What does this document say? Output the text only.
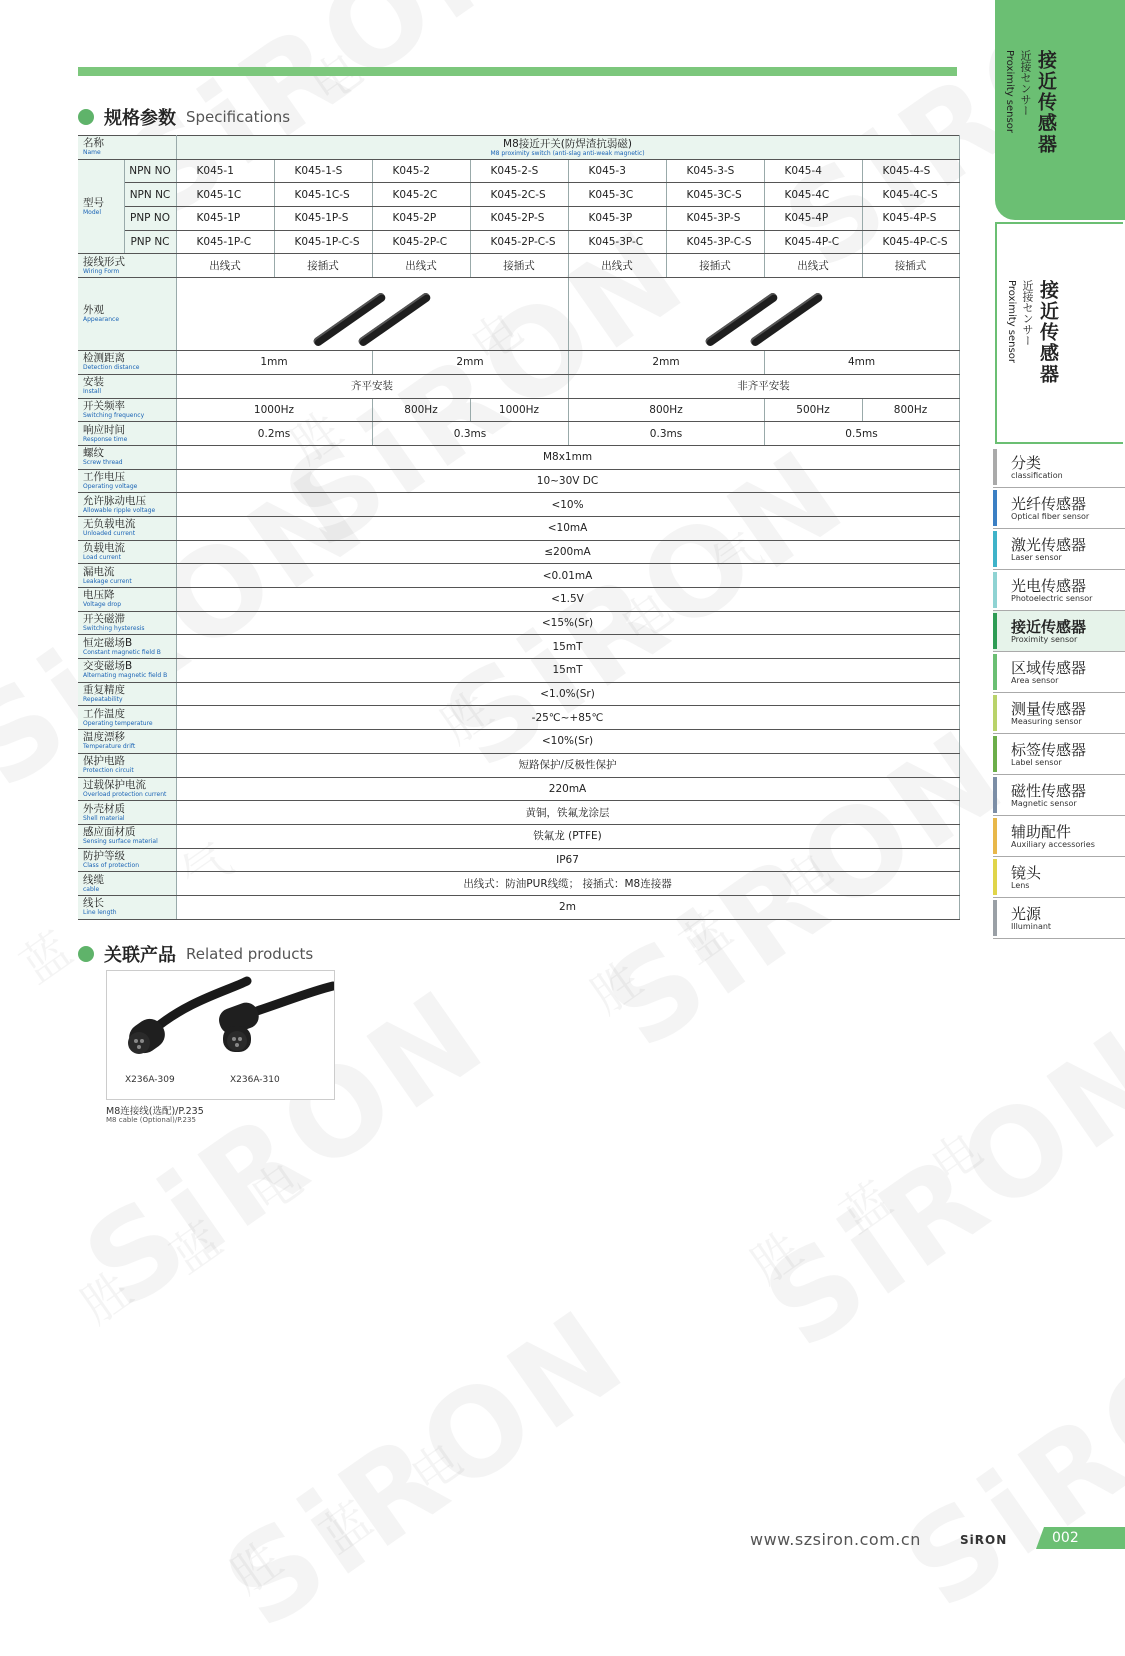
规格参数 Specifications
名称
Name		M8接近开关(防焊渣抗弱磁)
M8 proximity switch (anti-slag anti-weak magnetic)							

型号
Model	NPN NO	K045-1	K045-1-S	K045-2	K045-2-S	K045-3	K045-3-S	K045-4	K045-4-S
	NPN NC	K045-1C	K045-1C-S	K045-2C	K045-2C-S	K045-3C	K045-3C-S	K045-4C	K045-4C-S
	PNP NO	K045-1P	K045-1P-S	K045-2P	K045-2P-S	K045-3P	K045-3P-S	K045-4P	K045-4P-S
	PNP NC	K045-1P-C	K045-1P-C-S	K045-2P-C	K045-2P-C-S	K045-3P-C	K045-3P-C-S	K045-4P-C	K045-4P-C-S

接线形式
Wiring Form		出线式	接插式	出线式	接插式	出线式	接插式	出线式	接插式

外观
Appearance									

检测距离
Detection distance		1mm		2mm		2mm		4mm	

安装
Install		齐平安装				非齐平安装			

开关频率
Switching frequency		1000Hz		800Hz	1000Hz	800Hz		500Hz	800Hz

响应时间
Response time		0.2ms		0.3ms		0.3ms		0.5ms	

螺纹
Screw thread		M8x1mm							

工作电压
Operating voltage		10~30V DC							

允许脉动电压
Allowable ripple voltage		<10%							

无负载电流
Unloaded current		<10mA							

负载电流
Load current		≤200mA							

漏电流
Leakage current		<0.01mA							

电压降
Voltage drop		<1.5V							

开关磁滞
Switching hysteresis		<15%(Sr)							

恒定磁场B
Constant magnetic field B		15mT							

交变磁场B
Alternating magnetic field B		15mT							

重复精度
Repeatability		<1.0%(Sr)							

工作温度
Operating temperature		-25℃~+85℃							

温度漂移
Temperature drift		<10%(Sr)							

保护电路
Protection circuit		短路保护/反极性保护							

过载保护电流
Overload protection current		220mA							

外壳材质
Shell material		黄铜，铁氟龙涂层							

感应面材质
Sensing surface material		铁氟龙 (PTFE)							

防护等级
Class of protection		IP67							

线缆
cable		出线式：防油PUR线缆； 接插式：M8连接器							

线长
Line length		2m							
关联产品 Related products
X236A-309	X236A-310
M8连接线(选配)/P.235
M8 cable (Optional)/P.235
接近传感器
近接センサー
Proximity sensor
接近传感器
近接センサー
Proximity sensor
分类
classification
光纤传感器
Optical fiber sensor
激光传感器
Laser sensor
光电传感器
Photoelectric sensor
接近传感器
Proximity sensor
区域传感器
Area sensor
测量传感器
Measuring sensor
标签传感器
Label sensor
磁性传感器
Magnetic sensor
辅助配件
Auxiliary accessories
镜头
Lens
光源
Illuminant
www.szsiron.com.cn	SiRON	002
